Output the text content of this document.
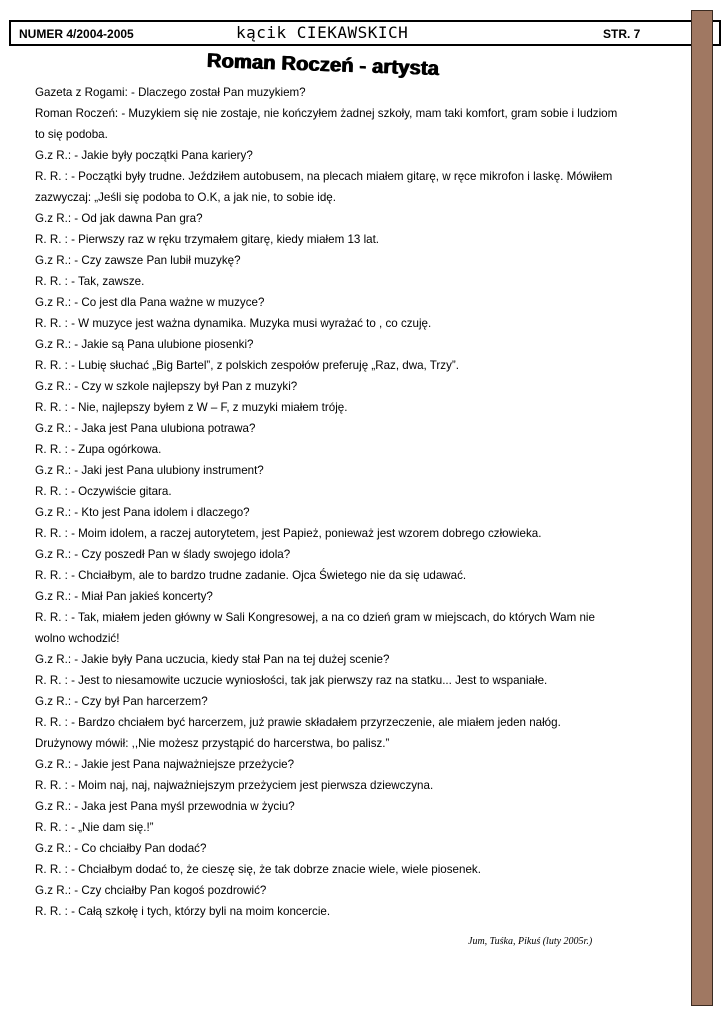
NUMER 4/2004-2005	kącik CIEKAWSKICH	STR. 7
Roman Roczeń - artysta
Gazeta z Rogami: - Dlaczego został Pan muzykiem?
Roman Roczeń: - Muzykiem się nie zostaje, nie kończyłem żadnej szkoły, mam taki komfort, gram sobie i ludziom
to się podoba.
G.z R.: - Jakie były początki Pana kariery?
R. R. : - Początki były trudne. Jeździłem autobusem, na plecach miałem gitarę, w ręce mikrofon i laskę. Mówiłem
zazwyczaj: „Jeśli się podoba to O.K, a jak nie, to sobie idę.
G.z R.: - Od jak dawna Pan gra?
R. R. : - Pierwszy raz w ręku trzymałem gitarę, kiedy miałem 13 lat.
G.z R.: - Czy zawsze Pan lubił muzykę?
R. R. : - Tak, zawsze.
G.z R.: - Co jest dla Pana ważne w muzyce?
R. R. : - W muzyce jest ważna dynamika. Muzyka musi wyrażać to , co czuję.
G.z R.: - Jakie są Pana ulubione piosenki?
R. R. : - Lubię słuchać „Big Bartel”, z polskich zespołów preferuję „Raz, dwa, Trzy”.
G.z R.: - Czy w szkole najlepszy był Pan z muzyki?
R. R. : - Nie, najlepszy byłem z W – F, z muzyki miałem tróję.
G.z R.: - Jaka jest Pana ulubiona potrawa?
R. R. : - Zupa ogórkowa.
G.z R.: - Jaki jest Pana ulubiony instrument?
R. R. : - Oczywiście gitara.
G.z R.: - Kto jest Pana idolem i dlaczego?
R. R. : - Moim idolem, a raczej autorytetem, jest Papież, ponieważ jest wzorem dobrego człowieka.
G.z R.: - Czy poszedł Pan w ślady swojego idola?
R. R. : - Chciałbym, ale to bardzo trudne zadanie. Ojca Świetego nie da się udawać.
G.z R.: - Miał Pan jakieś koncerty?
R. R. : - Tak, miałem jeden główny w Sali Kongresowej, a na co dzień gram w miejscach, do których Wam nie
wolno wchodzić!
G.z R.: - Jakie były Pana uczucia, kiedy stał Pan na tej dużej scenie?
R. R. : - Jest to niesamowite uczucie wyniosłości, tak jak pierwszy raz na statku... Jest to wspaniałe.
G.z R.: - Czy był Pan harcerzem?
R. R. : - Bardzo chciałem być harcerzem, już prawie składałem przyrzeczenie, ale miałem jeden nałóg.
Drużynowy mówił: ,,Nie możesz przystąpić do harcerstwa, bo palisz.”
G.z R.: - Jakie jest Pana najważniejsze przeżycie?
R. R. : - Moim naj, naj, najważniejszym przeżyciem jest pierwsza dziewczyna.
G.z R.: - Jaka jest Pana myśl przewodnia w życiu?
R. R. : - „Nie dam się.!”
G.z R.: - Co chciałby Pan dodać?
R. R. : - Chciałbym dodać to, że cieszę się, że tak dobrze znacie wiele, wiele piosenek.
G.z R.: - Czy chciałby Pan kogoś pozdrowić?
R. R. : - Całą szkołę i tych, którzy byli na moim koncercie.
Jum, Tuśka, Pikuś (luty 2005r.)
